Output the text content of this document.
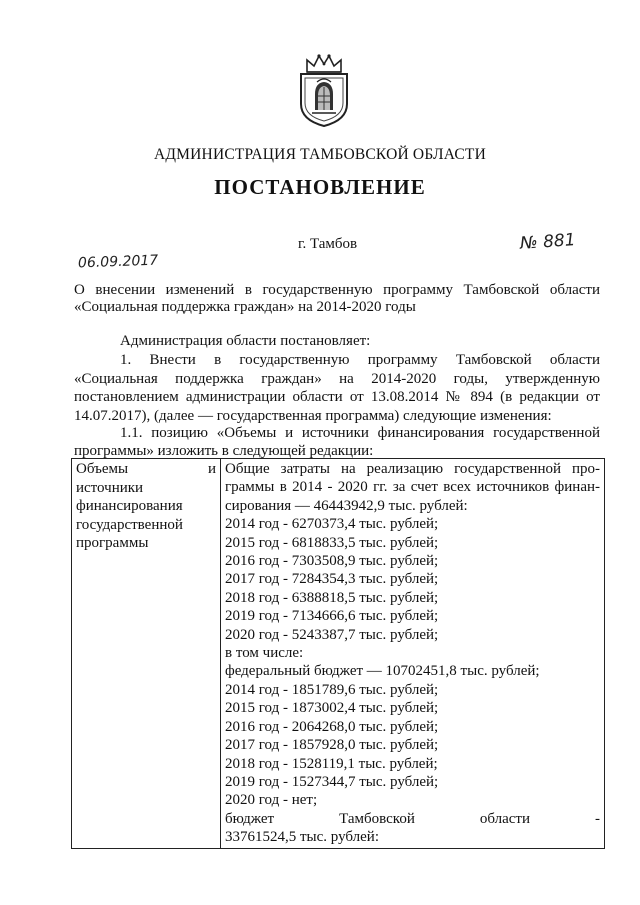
АДМИНИСТРАЦИЯ ТАМБОВСКОЙ ОБЛАСТИ
ПОСТАНОВЛЕНИЕ
06.09.2017
г. Тамбов	№ 881
О внесении изменений в государственную программу Тамбовской области «Социальная поддержка граждан» на 2014-2020 годы
Администрация области постановляет:
1. Внести в государственную программу Тамбовской области
«Социальная поддержка граждан» на 2014-2020 годы, утвержденную
постановлением администрации области от 13.08.2014 № 894 (в редакции от
14.07.2017), (далее — государственная программа) следующие изменения:
1.1. позицию «Объемы и источники финансирования государственной
программы» изложить в следующей редакции:
Объемы	и
источники
финансирования
государственной
программы

Общие затраты на реализацию государственной про-
граммы в 2014 - 2020 гг. за счет всех источников финан-
сирования — 46443942,9 тыс. рублей:
2014 год - 6270373,4 тыс. рублей;
2015 год - 6818833,5 тыс. рублей;
2016 год - 7303508,9 тыс. рублей;
2017 год - 7284354,3 тыс. рублей;
2018 год - 6388818,5 тыс. рублей;
2019 год - 7134666,6 тыс. рублей;
2020 год - 5243387,7 тыс. рублей;
в том числе:
федеральный бюджет — 10702451,8 тыс. рублей;
2014 год - 1851789,6 тыс. рублей;
2015 год - 1873002,4 тыс. рублей;
2016 год - 2064268,0 тыс. рублей;
2017 год - 1857928,0 тыс. рублей;
2018 год - 1528119,1 тыс. рублей;
2019 год - 1527344,7 тыс. рублей;
2020 год - нет;
бюджет	Тамбовской	области	-
33761524,5 тыс. рублей:
